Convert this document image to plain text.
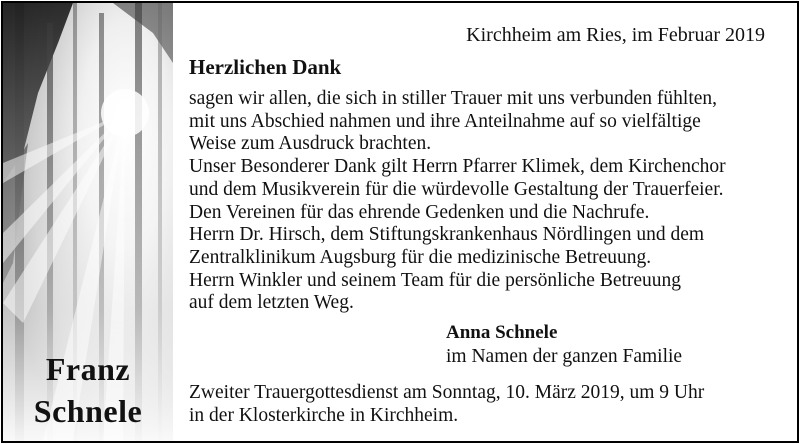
Franz
Schnele
Kirchheim am Ries, im Februar 2019
Herzlichen Dank
sagen wir allen, die sich in stiller Trauer mit uns verbunden fühlten,
mit uns Abschied nahmen und ihre Anteilnahme auf so vielfältige
Weise zum Ausdruck brachten.
Unser Besonderer Dank gilt Herrn Pfarrer Klimek, dem Kirchenchor
und dem Musikverein für die würdevolle Gestaltung der Trauerfeier.
Den Vereinen für das ehrende Gedenken und die Nachrufe.
Herrn Dr. Hirsch, dem Stiftungskrankenhaus Nördlingen und dem
Zentralklinikum Augsburg für die medizinische Betreuung.
Herrn Winkler und seinem Team für die persönliche Betreuung
auf dem letzten Weg.
Anna Schnele
im Namen der ganzen Familie
Zweiter Trauergottesdienst am Sonntag, 10. März 2019, um 9 Uhr
in der Klosterkirche in Kirchheim.
